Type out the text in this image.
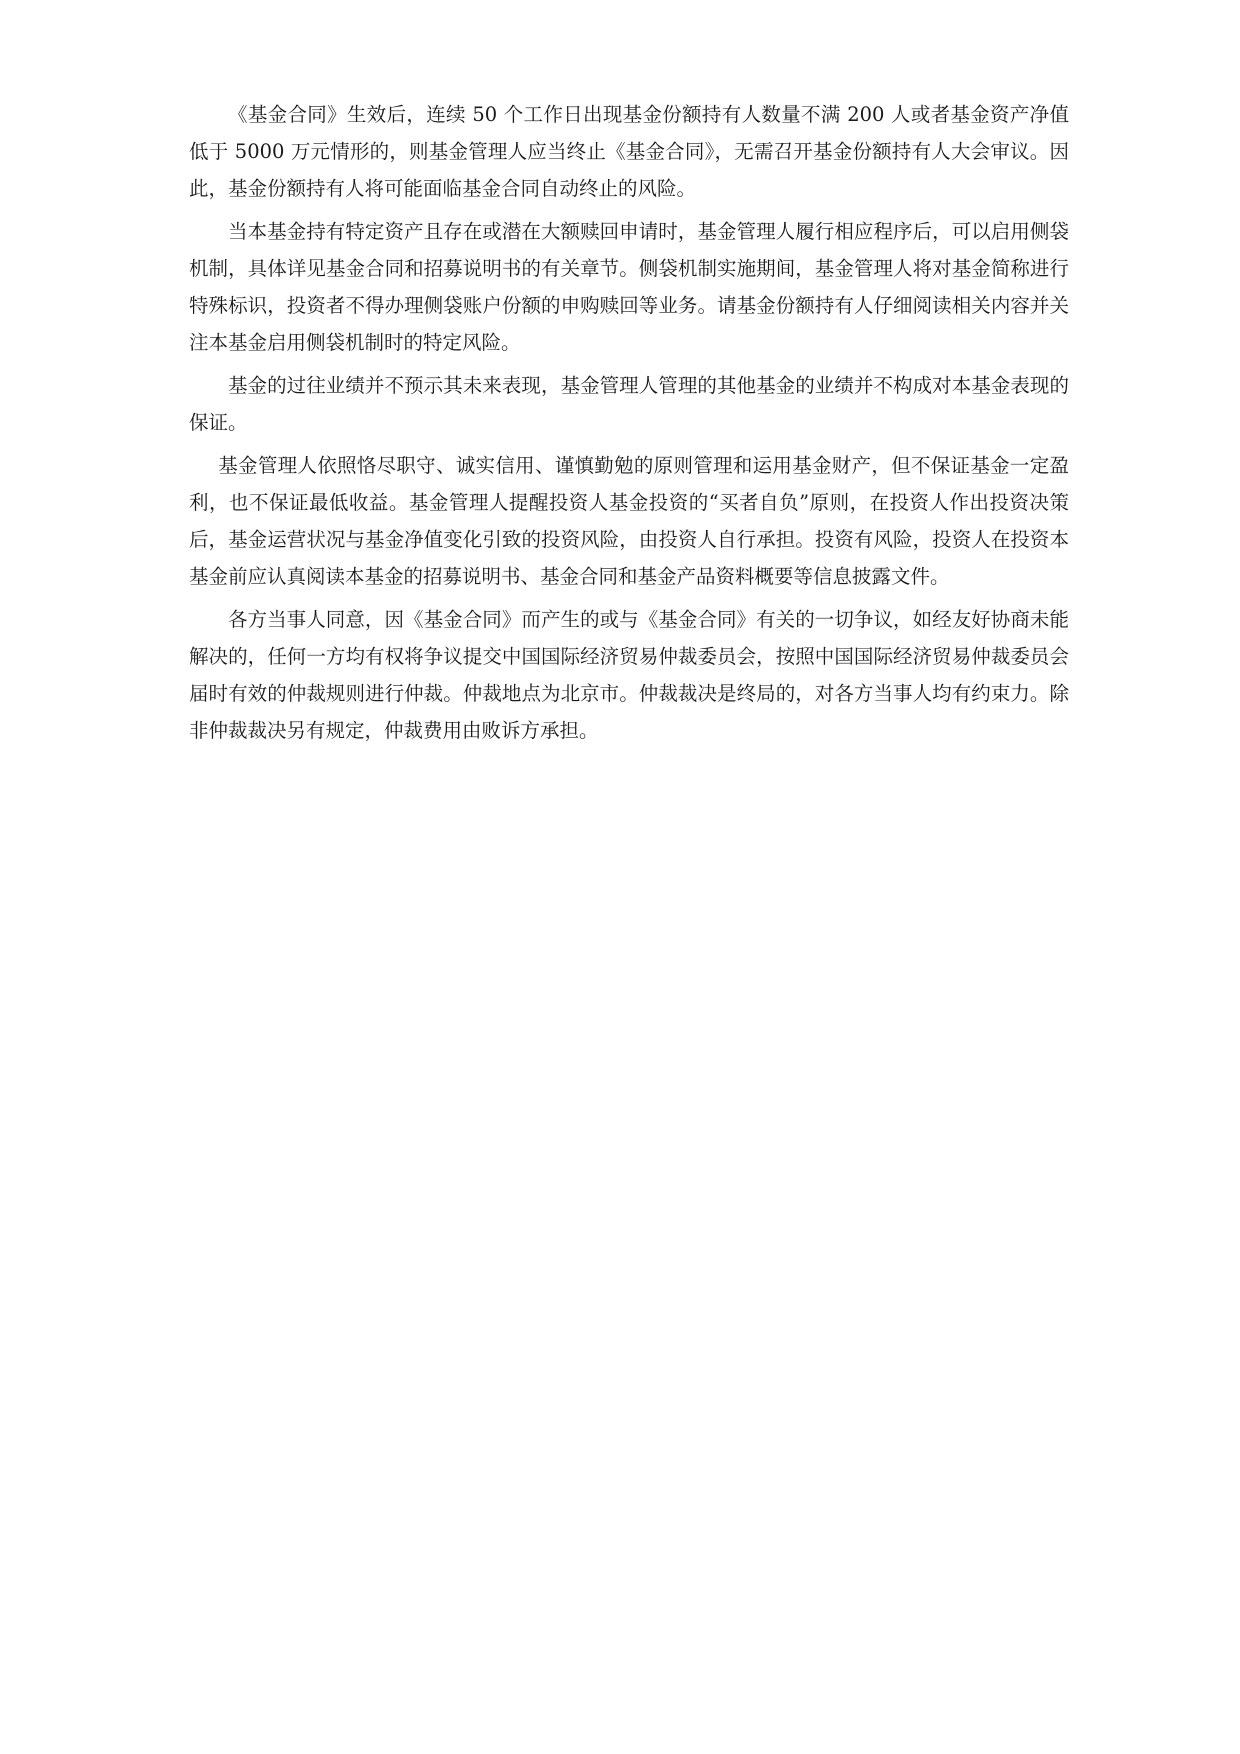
《基金合同》生效后，连续 50 个工作日出现基金份额持有人数量不满 200 人或者基金资产净值低于 5000 万元情形的，则基金管理人应当终止《基金合同》，无需召开基金份额持有人大会审议。因此，基金份额持有人将可能面临基金合同自动终止的风险。

当本基金持有特定资产且存在或潜在大额赎回申请时，基金管理人履行相应程序后，可以启用侧袋机制，具体详见基金合同和招募说明书的有关章节。侧袋机制实施期间，基金管理人将对基金简称进行特殊标识，投资者不得办理侧袋账户份额的申购赎回等业务。请基金份额持有人仔细阅读相关内容并关注本基金启用侧袋机制时的特定风险。

基金的过往业绩并不预示其未来表现，基金管理人管理的其他基金的业绩并不构成对本基金表现的保证。

基金管理人依照恪尽职守、诚实信用、谨慎勤勉的原则管理和运用基金财产，但不保证基金一定盈利，也不保证最低收益。基金管理人提醒投资人基金投资的“买者自负”原则，在投资人作出投资决策后，基金运营状况与基金净值变化引致的投资风险，由投资人自行承担。投资有风险，投资人在投资本基金前应认真阅读本基金的招募说明书、基金合同和基金产品资料概要等信息披露文件。

各方当事人同意，因《基金合同》而产生的或与《基金合同》有关的一切争议，如经友好协商未能解决的，任何一方均有权将争议提交中国国际经济贸易仲裁委员会，按照中国国际经济贸易仲裁委员会届时有效的仲裁规则进行仲裁。仲裁地点为北京市。仲裁裁决是终局的，对各方当事人均有约束力。除非仲裁裁决另有规定，仲裁费用由败诉方承担。
